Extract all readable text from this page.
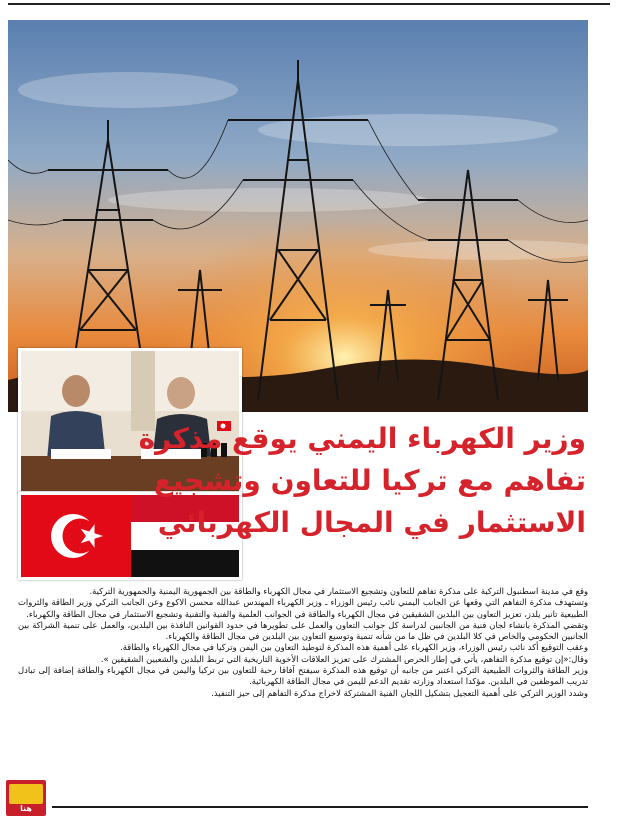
وزير الكهرباء اليمني يوقع مذكرة
تفاهم مع تركيا للتعاون وتشجيع
الاستثمار في المجال الكهربائي

وقع في مدينة اسطنبول التركية على مذكرة تفاهم للتعاون وتشجيع الاستثمار في مجال الكهرباء والطاقة بين الجمهورية اليمنية والجمهورية التركية.

وتستهدف مذكرة التفاهم التي وقعها عن الجانب اليمني نائب رئيس الوزراء ـ وزير الكهرباء المهندس عبدالله محسن الاكوع وعن الجانب التركي وزير الطاقة والثروات الطبيعية تانير يلدز، تعزيز التعاون بين البلدين الشقيقين في مجال الكهرباء والطاقة في الجوانب العلمية والفنية والتقنية وتشجيع الاستثمار في مجال الطاقة والكهرباء.

وتقضي المذكرة بانشاء لجان فنية من الجانبين لدراسة كل جوانب التعاون والعمل على تطويرها في حدود القوانين النافذة بين البلدين، والعمل على تنمية الشراكة بين الجانبين الحكومي والخاص في كلا البلدين في ظل ما من شأنه تنمية وتوسيع التعاون بين البلدين في مجال الطاقة والكهرباء.

وعقب التوقيع أكد نائب رئيس الوزراء، وزير الكهرباء على أهمية هذه المذكرة لتوطيد التعاون بين اليمن وتركيا في مجال الكهرباء والطاقة.

وقال:«إن توقيع مذكرة التفاهم، يأتي في إطار الحرص المشترك على تعزيز العلاقات الأخوية التاريخية التي تربط البلدين والشعبين الشقيقين ».

وزير الطاقة والثروات الطبيعية التركي اعتبر من جانبه أن توقيع هذه المذكرة سيفتح آفاقا رحبة للتعاون بين تركيا واليمن في مجال الكهرباء والطاقة إضافة إلى تبادل تدريب الموظفين في البلدين. مؤكدا استعداد وزارته تقديم الدعم لليمن في مجال الطاقة الكهربائية.

وشدد الوزير التركي على أهمية التعجيل بتشكيل اللجان الفنية المشتركة لاخراج مذكرة التفاهم إلى حيز التنفيذ.

هنا
